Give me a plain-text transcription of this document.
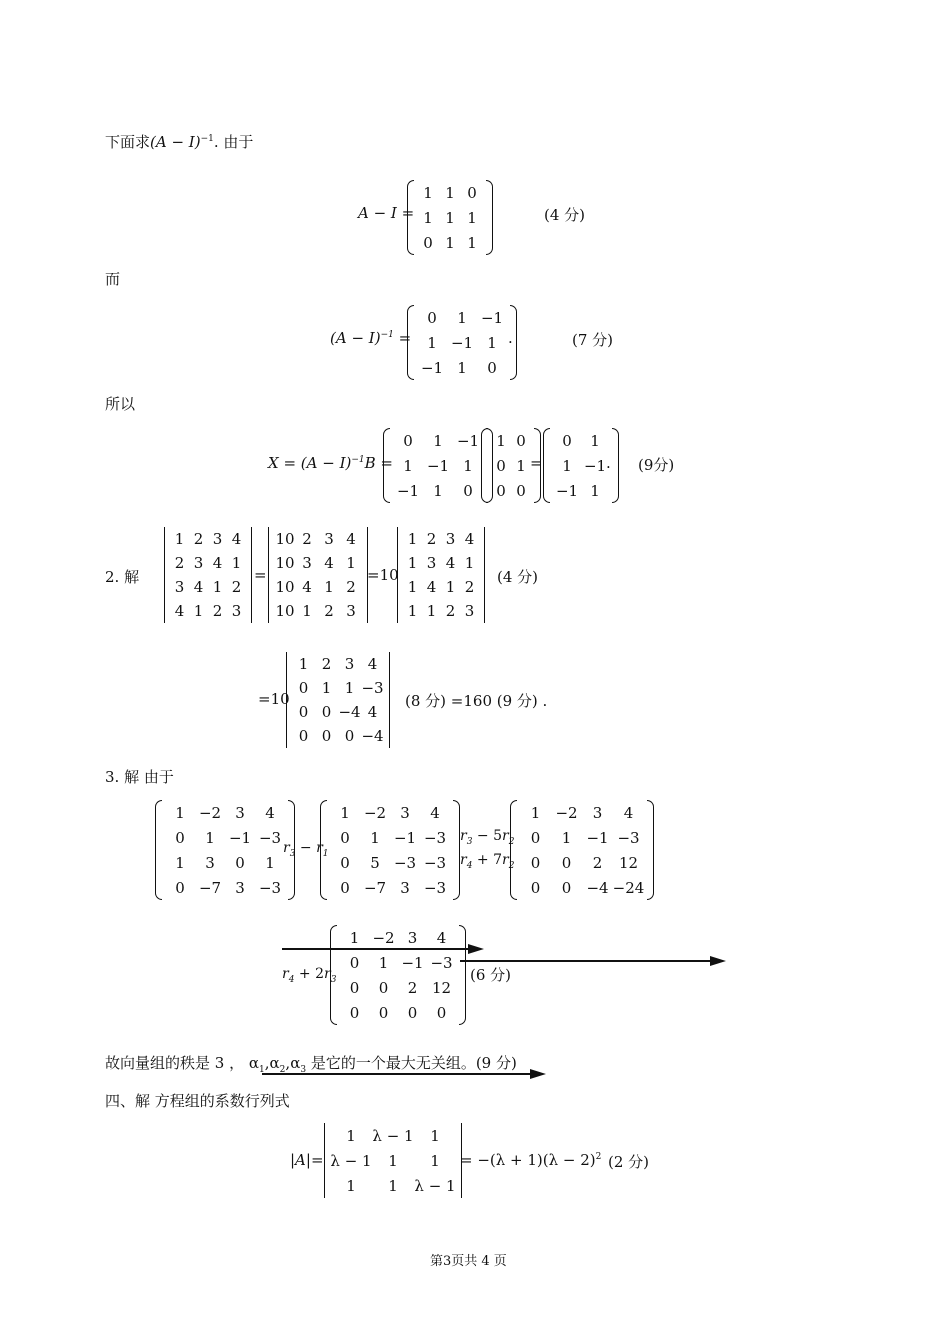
下面求$(A - I)^{-1}$. 由于
A − I =
1 1 0
1 1 1
0 1 1
(4 分)
而
$(A - I)^{-1}$ =
0 1 −1
1 −1 1
−1 1 0
.	(7 分)
所以
$X = (A - I)^{-1}B$ =
0 1 −1
1 −1 1
−1 1 0
1 0
0 1
0 0
=
0 1
1 −1
−1 1
. (9分)
2. 解
1 2 3 4
2 3 4 1
3 4 1 2
4 1 2 3
=
10 2 3 4
10 3 4 1
10 4 1 2
10 1 2 3
=10
1 2 3 4
1 3 4 1
1 4 1 2
1 1 2 3
(4 分)
=10
1 2 3 4
0 1 1 −3
0 0 −4 4
0 0 0 −4
(8 分) =160 (9 分) .
3. 解 由于
1 −2 3 4
0 1 −1 −3
1 3 0 1
0 −7 3 −3
$r_3 - r_1$
1 −2 3 4
0 1 −1 −3
0 5 −3 −3
0 −7 3 −3
$r_3 - 5r_2$
$r_4 + 7r_2$
1 −2 3 4
0 1 −1 −3
0 0 2 12
0 0 −4 −24
$r_4 + 2r_3$
1 −2 3 4
0 1 −1 −3
0 0 2 12
0 0 0 0
(6 分)
故向量组的秩是 3 ， $\alpha_1,\alpha_2,\alpha_3$ 是它的一个最大无关组。(9 分)
四、解 方程组的系数行列式
|A|=
1 λ − 1 1
λ − 1 1 1
1 1 λ − 1
= $-(\lambda + 1)(\lambda - 2)^2$ (2 分)
第3页共 4 页
